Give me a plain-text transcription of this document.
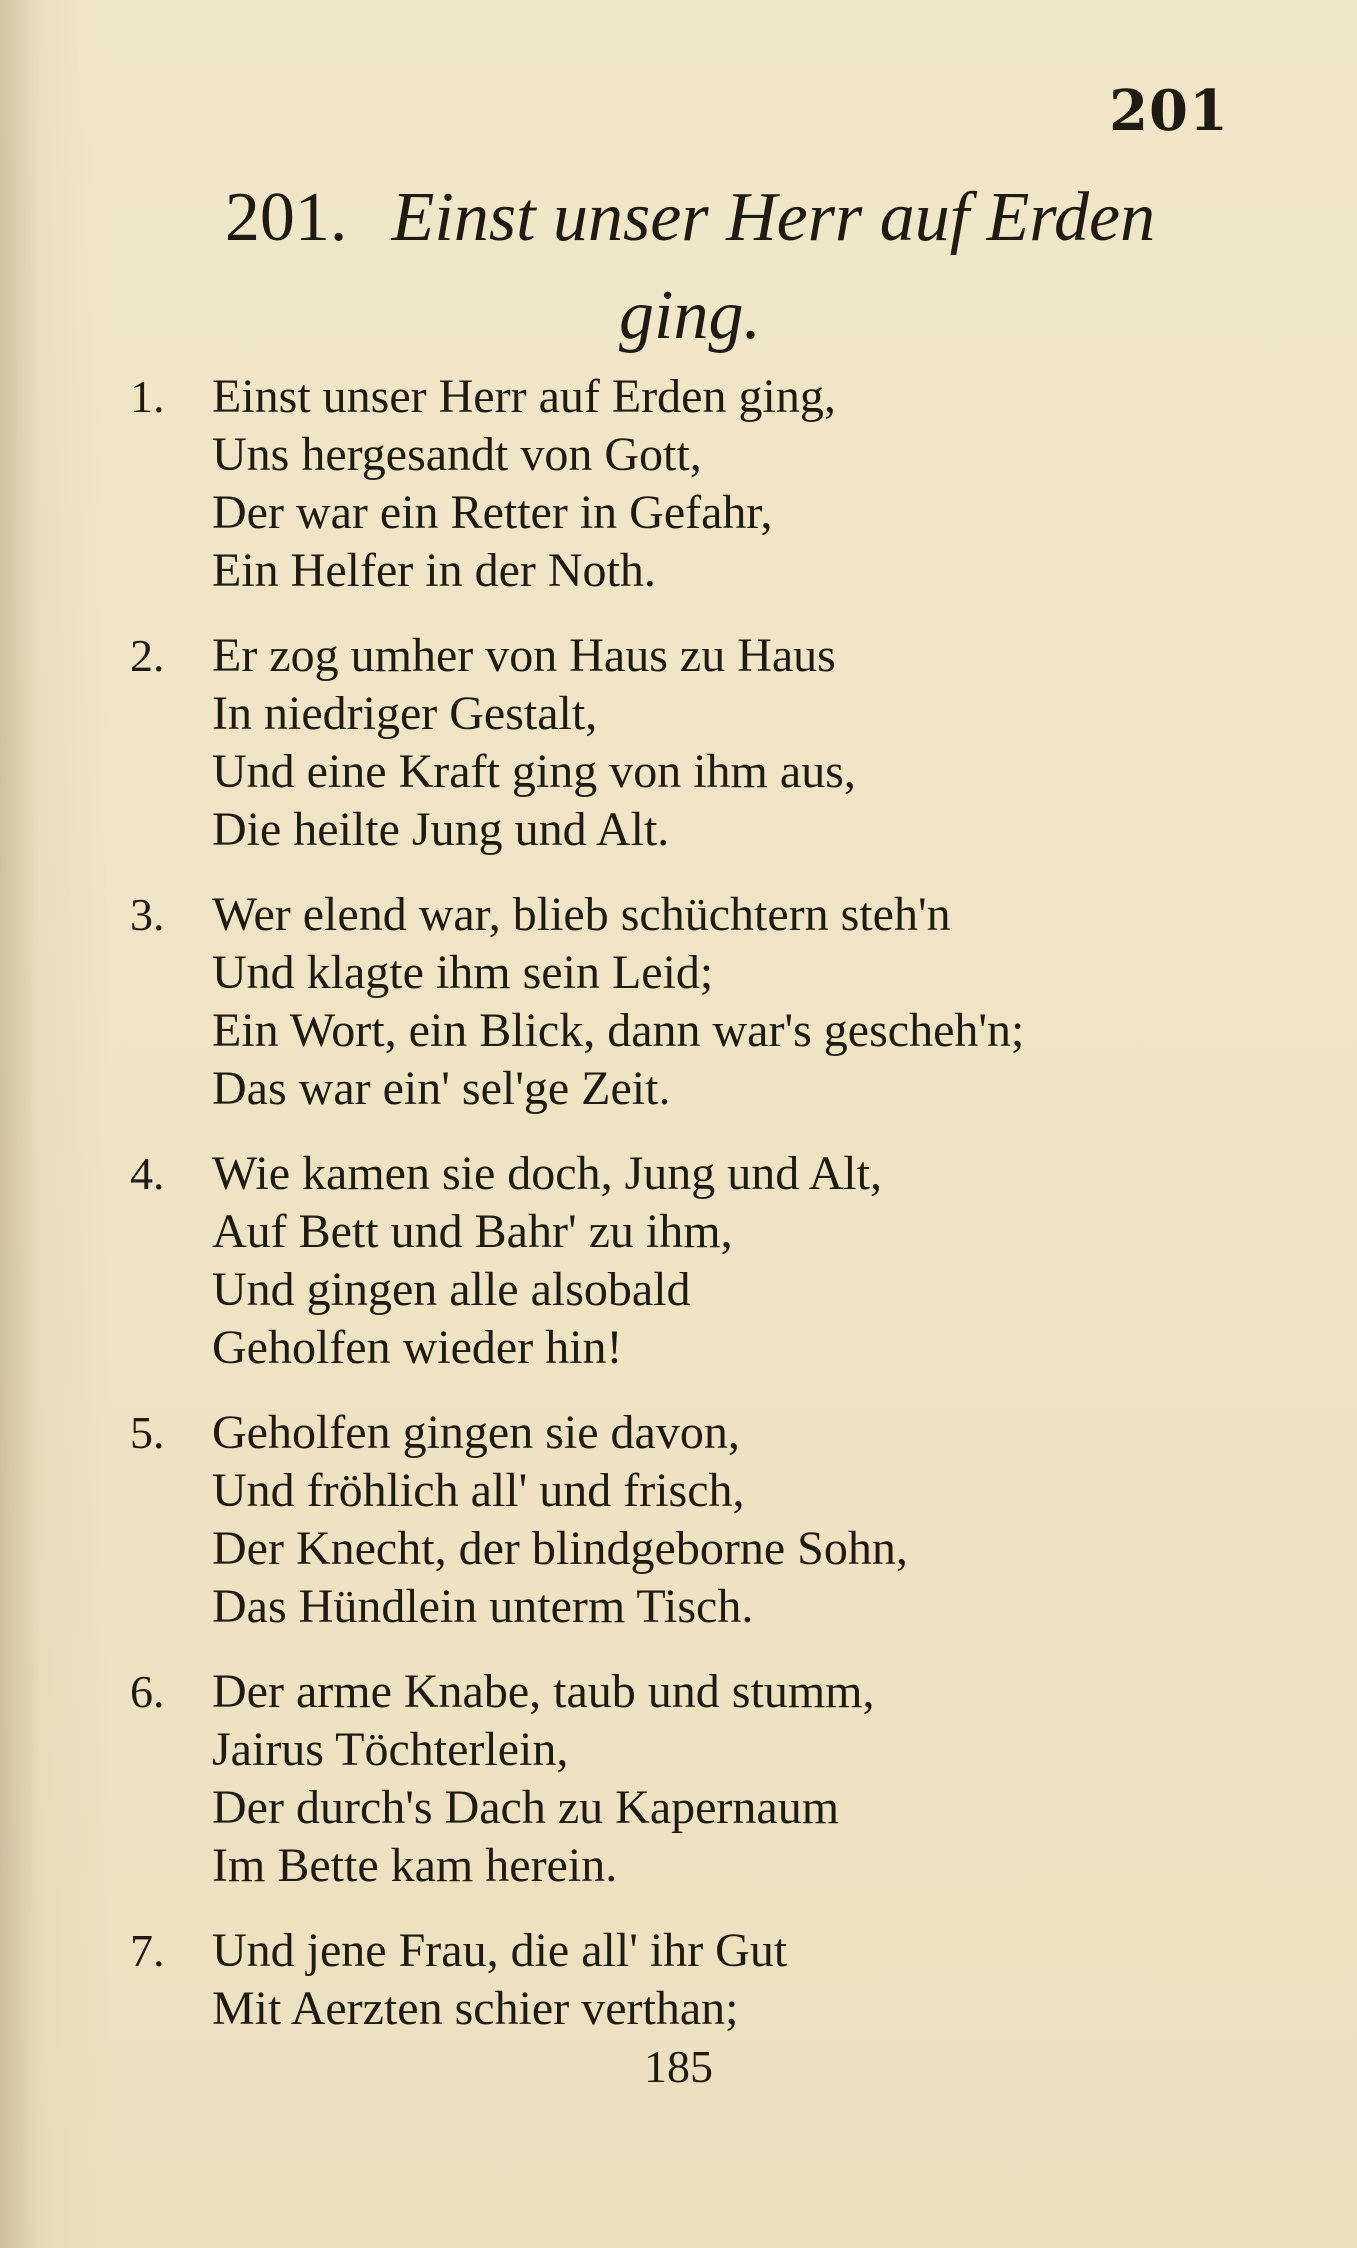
201
201. Einst unser Herr auf Erden
ging.
1. Einst unser Herr auf Erden ging,
Uns hergesandt von Gott,
Der war ein Retter in Gefahr,
Ein Helfer in der Noth.
2. Er zog umher von Haus zu Haus
In niedriger Gestalt,
Und eine Kraft ging von ihm aus,
Die heilte Jung und Alt.
3. Wer elend war, blieb schüchtern steh'n
Und klagte ihm sein Leid;
Ein Wort, ein Blick, dann war's gescheh'n;
Das war ein' sel'ge Zeit.
4. Wie kamen sie doch, Jung und Alt,
Auf Bett und Bahr' zu ihm,
Und gingen alle alsobald
Geholfen wieder hin!
5. Geholfen gingen sie davon,
Und fröhlich all' und frisch,
Der Knecht, der blindgeborne Sohn,
Das Hündlein unterm Tisch.
6. Der arme Knabe, taub und stumm,
Jairus Töchterlein,
Der durch's Dach zu Kapernaum
Im Bette kam herein.
7. Und jene Frau, die all' ihr Gut
Mit Aerzten schier verthan;
185
